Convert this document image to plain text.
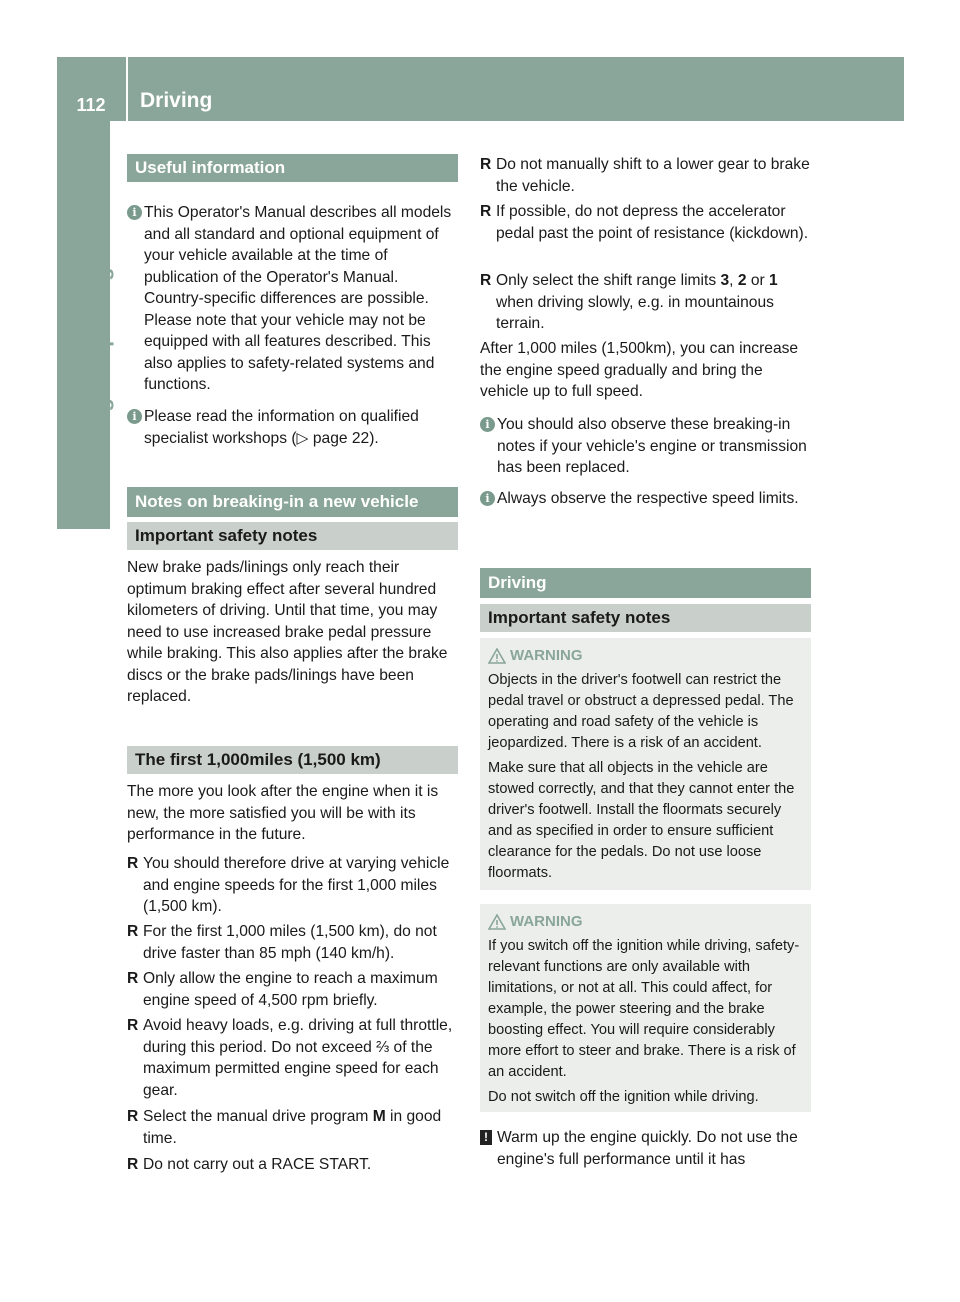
112	Driving
Driving and parking
Useful information
i This Operator's Manual describes all models and all standard and optional equipment of your vehicle available at the time of publication of the Operator's Manual. Country-specific differences are possible. Please note that your vehicle may not be equipped with all features described. This also applies to safety-related systems and functions.
i Please read the information on qualified specialist workshops (▷ page 22).
Notes on breaking-in a new vehicle
Important safety notes

New brake pads/linings only reach their optimum braking effect after several hundred kilometers of driving. Until that time, you may need to use increased brake pedal pressure while braking. This also applies after the brake discs or the brake pads/linings have been replaced.

The first 1,000miles (1,500 km)

The more you look after the engine when it is new, the more satisfied you will be with its performance in the future.

R You should therefore drive at varying vehicle and engine speeds for the first 1,000 miles (1,500 km).
R For the first 1,000 miles (1,500 km), do not drive faster than 85 mph (140 km/h).
R Only allow the engine to reach a maximum engine speed of 4,500 rpm briefly.
R Avoid heavy loads, e.g. driving at full throttle, during this period. Do not exceed ⅔ of the maximum permitted engine speed for each gear.
R Select the manual drive program M in good time.
R Do not carry out a RACE START.
R Do not manually shift to a lower gear to brake the vehicle.
R If possible, do not depress the accelerator pedal past the point of resistance (kickdown).
R Only select the shift range limits 3, 2 or 1 when driving slowly, e.g. in mountainous terrain.

After 1,000 miles (1,500km), you can increase the engine speed gradually and bring the vehicle up to full speed.

i You should also observe these breaking-in notes if your vehicle's engine or transmission has been replaced.
i Always observe the respective speed limits.
Driving
Important safety notes
WARNING

Objects in the driver's footwell can restrict the pedal travel or obstruct a depressed pedal. The operating and road safety of the vehicle is jeopardized. There is a risk of an accident.

Make sure that all objects in the vehicle are stowed correctly, and that they cannot enter the driver's footwell. Install the floormats securely and as specified in order to ensure sufficient clearance for the pedals. Do not use loose floormats.

WARNING

If you switch off the ignition while driving, safety-relevant functions are only available with limitations, or not at all. This could affect, for example, the power steering and the brake boosting effect. You will require considerably more effort to steer and brake. There is a risk of an accident.

Do not switch off the ignition while driving.

! Warm up the engine quickly. Do not use the engine's full performance until it has
